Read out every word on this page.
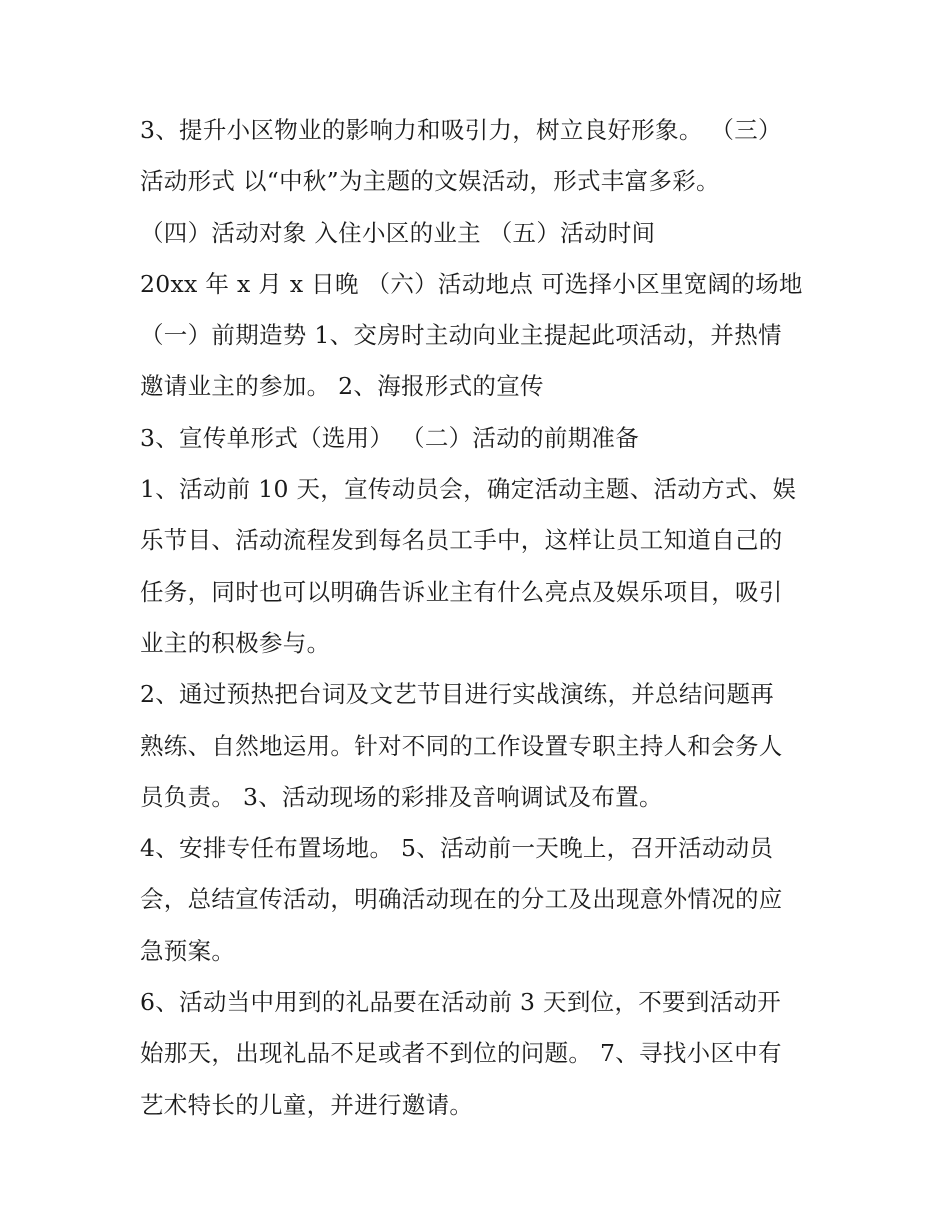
3、提升小区物业的影响力和吸引力，树立良好形象。 （三）
活动形式 以“中秋”为主题的文娱活动，形式丰富多彩。
（四）活动对象 入住小区的业主 （五）活动时间
20xx 年 x 月 x 日晚 （六）活动地点 可选择小区里宽阔的场地
（一）前期造势 1、交房时主动向业主提起此项活动，并热情
邀请业主的参加。 2、海报形式的宣传
3、宣传单形式（选用） （二）活动的前期准备
1、活动前 10 天，宣传动员会，确定活动主题、活动方式、娱
乐节目、活动流程发到每名员工手中，这样让员工知道自己的
任务，同时也可以明确告诉业主有什么亮点及娱乐项目，吸引
业主的积极参与。
2、通过预热把台词及文艺节目进行实战演练，并总结问题再
熟练、自然地运用。针对不同的工作设置专职主持人和会务人
员负责。 3、活动现场的彩排及音响调试及布置。
4、安排专任布置场地。 5、活动前一天晚上，召开活动动员
会，总结宣传活动，明确活动现在的分工及出现意外情况的应
急预案。
6、活动当中用到的礼品要在活动前 3 天到位，不要到活动开
始那天，出现礼品不足或者不到位的问题。 7、寻找小区中有
艺术特长的儿童，并进行邀请。
